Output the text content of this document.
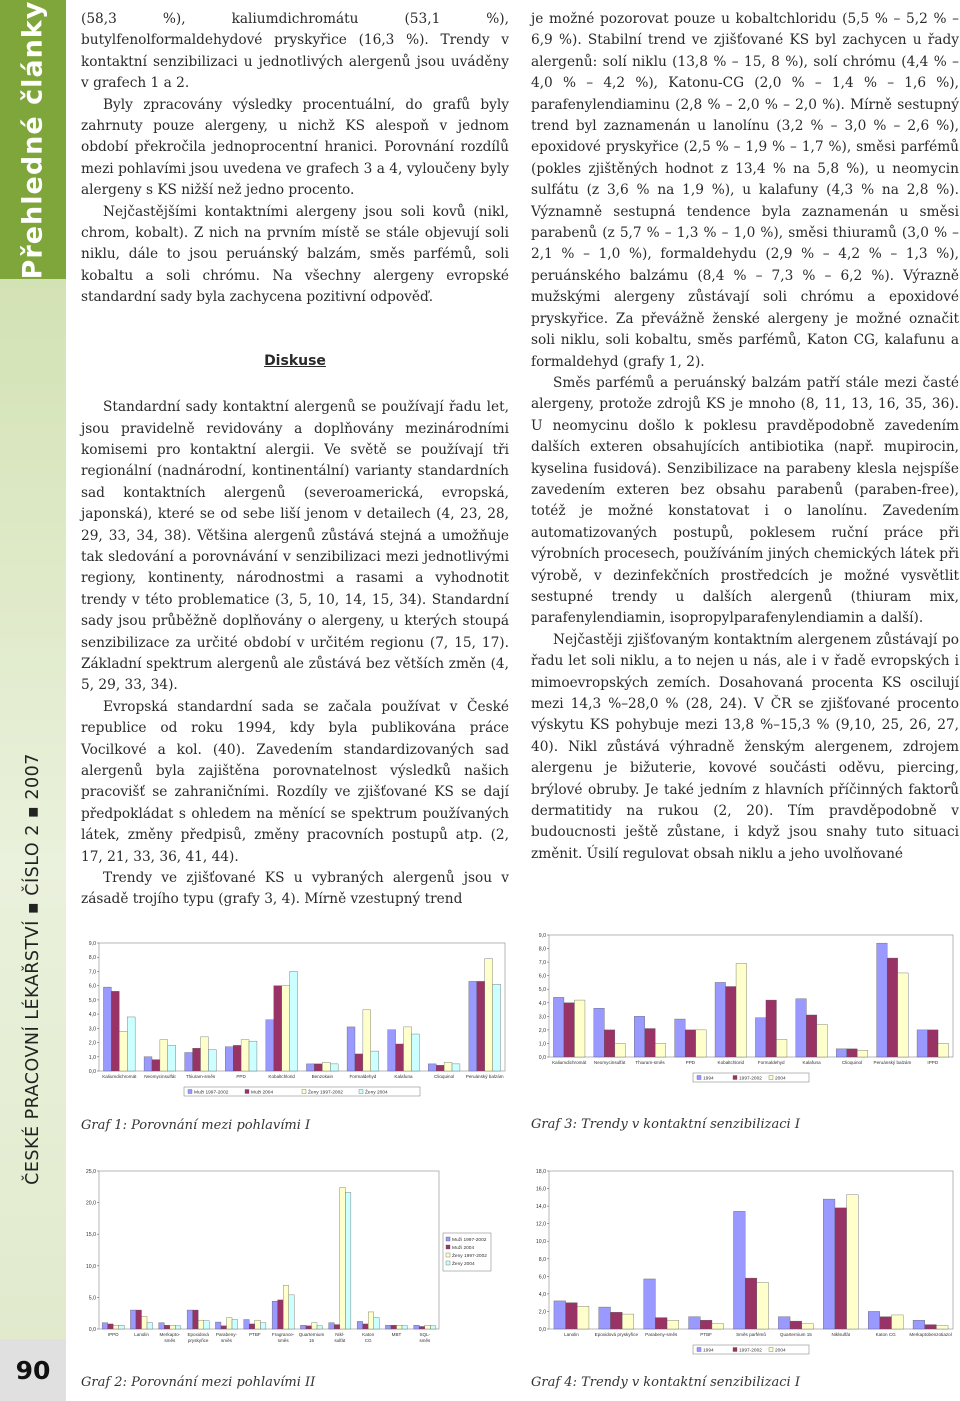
Přehledné články
ČESKÉ PRACOVNÍ LÉKAŘSTVÍ ▪ ČÍSLO 2 ▪ 2007
90

(58,3 %), kaliumdichromátu (53,1 %), butylfenolformaldehydové pryskyřice (16,3 %). Trendy v kontaktní senzibilizaci u jednotlivých alergenů jsou uváděny v grafech 1 a 2.

Byly zpracovány výsledky procentuální, do grafů byly zahrnuty pouze alergeny, u nichž KS alespoň v jednom období překročila jednoprocentní hranici. Porovnání rozdílů mezi pohlavími jsou uvedena ve grafech 3 a 4, vyloučeny byly alergeny s KS nižší než jedno procento.

Nejčastějšími kontaktními alergeny jsou soli kovů (nikl, chrom, kobalt). Z nich na prvním místě se stále objevují soli niklu, dále to jsou peruánský balzám, směs parfémů, soli kobaltu a soli chrómu. Na všechny alergeny evropské standardní sady byla zachycena pozitivní odpověď.

Diskuse

Standardní sady kontaktní alergenů se používají řadu let, jsou pravidelně revidovány a doplňovány mezinárodními komisemi pro kontaktní alergii. Ve světě se používají tři regionální (nadnárodní, kontinentální) varianty standardních sad kontaktních alergenů (severoamerická, evropská, japonská), které se od sebe liší jenom v detailech (4, 23, 28, 29, 33, 34, 38). Většina alergenů zůstává stejná a umožňuje tak sledování a porovnávání v senzibilizaci mezi jednotlivými regiony, kontinenty, národnostmi a rasami a vyhodnotit trendy v této problematice (3, 5, 10, 14, 15, 34). Standardní sady jsou průběžně doplňovány o alergeny, u kterých stoupá senzibilizace za určité období v určitém regionu (7, 15, 17). Základní spektrum alergenů ale zůstává bez větších změn (4, 5, 29, 33, 34).

Evropská standardní sada se začala používat v České republice od roku 1994, kdy byla publikována práce Vocilkové a kol. (40). Zavedením standardizovaných sad alergenů byla zajištěna porovnatelnost výsledků našich pracovišť se zahraničními. Rozdíly ve zjišťované KS se dají předpokládat s ohledem na měnící se spektrum používaných látek, změny předpisů, změny pracovních postupů atp. (2, 17, 21, 33, 36, 41, 44).

Trendy ve zjišťované KS u vybraných alergenů jsou v zásadě trojího typu (grafy 3, 4). Mírně vzestupný trend

je možné pozorovat pouze u kobaltchloridu (5,5 % – 5,2 % – 6,9 %). Stabilní trend ve zjišťované KS byl zachycen u řady alergenů: solí niklu (13,8 % – 15, 8 %), solí chrómu (4,4 % – 4,0 % – 4,2 %), Katonu-CG (2,0 % – 1,4 % – 1,6 %), parafenylendiaminu (2,8 % – 2,0 % – 2,0 %). Mírně sestupný trend byl zaznamenán u lanolínu (3,2 % – 3,0 % – 2,6 %), epoxidové pryskyřice (2,5 % – 1,9 % – 1,7 %), směsi parfémů (pokles zjištěných hodnot z 13,4 % na 5,8 %), u neomycin sulfátu (z 3,6 % na 1,9 %), u kalafuny (4,3 % na 2,8 %). Významně sestupná tendence byla zaznamenán u směsi parabenů (z 5,7 % – 1,3 % – 1,0 %), směsi thiuramů (3,0 % – 2,1 % – 1,0 %), formaldehydu (2,9 % – 4,2 % – 1,3 %), peruánského balzámu (8,4 % – 7,3 % – 6,2 %). Výrazně mužskými alergeny zůstávají soli chrómu a epoxidové pryskyřice. Za převážně ženské alergeny je možné označit soli niklu, soli kobaltu, směs parfémů, Katon CG, kalafunu a formaldehyd (grafy 1, 2).

Směs parfémů a peruánský balzám patří stále mezi časté alergeny, protože zdrojů KS je mnoho (8, 11, 13, 16, 35, 36). U neomycinu došlo k poklesu pravděpodobně zavedením dalších exteren obsahujících antibiotika (např. mupirocin, kyselina fusidová). Senzibilizace na parabeny klesla nejspíše zavedením exteren bez obsahu parabenů (paraben-free), totéž je možné konstatovat i o lanolínu. Zavedením automatizovaných postupů, poklesem ruční práce při výrobních procesech, používáním jiných chemických látek při výrobě, v dezinfekčních prostředcích je možné vysvětlit sestupné trendy u dalších alergenů (thiuram mix, parafenylendiamin, isopropylparafenylendiamin a další).

Nejčastěji zjišťovaným kontaktním alergenem zůstávají po řadu let soli niklu, a to nejen u nás, ale i v řadě evropských i mimoevropských zemích. Dosahovaná procenta KS oscilují mezi 14,3 %–28,0 % (28, 24). V ČR se zjišťované procento výskytu KS pohybuje mezi 13,8 %–15,3 % (9,10, 25, 26, 27, 40). Nikl zůstává výhradně ženským alergenem, zdrojem alergenu je bižuterie, kovové součásti oděvu, piercing, brýlové obruby. Je také jedním z hlavních příčinných faktorů dermatitidy na rukou (2, 20). Tím pravděpodobně v budoucnosti ještě zůstane, i když jsou snahy tuto situaci změnit. Úsilí regulovat obsah niklu a jeho uvolňované

0,0
1,0
2,0
3,0
4,0
5,0
6,0
7,0
8,0
9,0
Kaliumdichromát Neomycinsulfát Thiuram-směs	PPD	Kobaltchlorid	Benzokain	Formaldehyd	Kalafuna	Clioquinol	Peruánský balzám
Muži 1997-2002	Muži 2004	Ženy 1997-2002	Ženy 2004
Graf 1: Porovnání mezi pohlavími I
0,0
5,0
10,0
15,0
20,0
25,0
IPPD	Lanolin Merkapto-
směs
Epoxidová
pryskyřice
Parabeny-
směs
PTBF Fragrance-
směs
Quarternium
15
Nikl-
sulfát
Katon
CG
MBT	SQL-
směs
Muži 1997-2002
Muži 2004
Ženy 1997-2002
Ženy 2004
Graf 2: Porovnání mezi pohlavími II
0,0
1,0
2,0
3,0
4,0
5,0
6,0
7,0
8,0
9,0
Kaliumdichromát Neomycinsulfát Thiuram-směs	PPD	Kobaltchlorid	Formaldehyd	Kalafuna	Clioquinol Peruánský balzám	IPPD
1994	1997-2002	2004
Graf 3: Trendy v kontaktní senzibilizaci I
0,0
2,0
4,0
6,0
8,0
10,0
12,0
14,0
16,0
18,0
Lanolin	Epoxidová pryskyřice Parabeny-směs	PTBF	Směs parfémů	Quarternium 15	Niklsulfát	Katon CG	Merkaptobenzotiazol
1994	1997-2002	2004
Graf 4: Trendy v kontaktní senzibilizaci I
